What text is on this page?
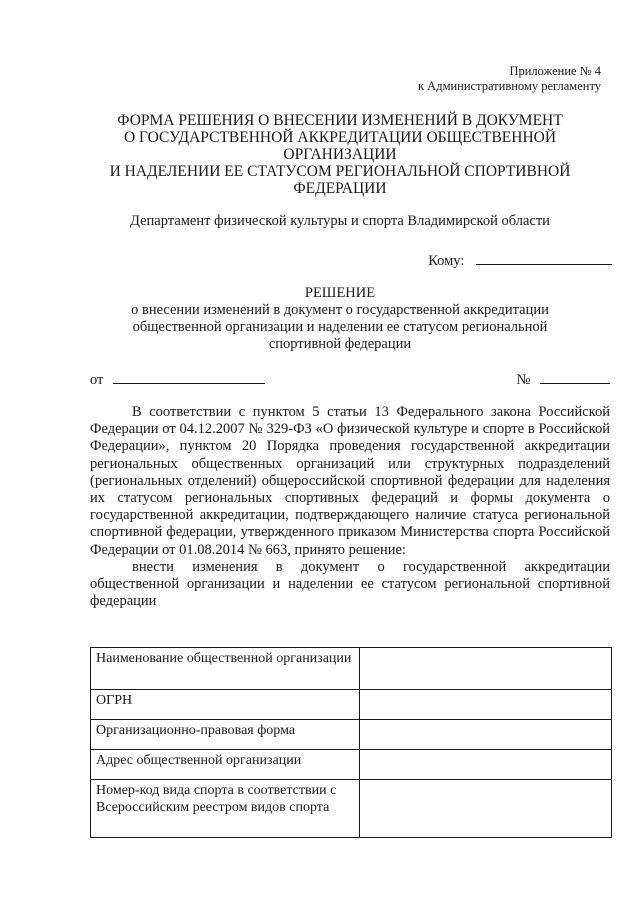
Приложение № 4
к Административному регламенту
ФОРМА РЕШЕНИЯ О ВНЕСЕНИИ ИЗМЕНЕНИЙ В ДОКУМЕНТ
О ГОСУДАРСТВЕННОЙ АККРЕДИТАЦИИ ОБЩЕСТВЕННОЙ
ОРГАНИЗАЦИИ
И НАДЕЛЕНИИ ЕЕ СТАТУСОМ РЕГИОНАЛЬНОЙ СПОРТИВНОЙ
ФЕДЕРАЦИИ
Департамент физической культуры и спорта Владимирской области
Кому:
РЕШЕНИЕ
о внесении изменений в документ о государственной аккредитации
общественной организации и наделении ее статусом региональной
спортивной федерации
от	№

В соответствии с пунктом 5 статьи 13 Федерального закона Российской Федерации от 04.12.2007 № 329-ФЗ «О физической культуре и спорте в Российской Федерации», пунктом 20 Порядка проведения государственной аккредитации региональных общественных организаций или структурных подразделений (региональных отделений) общероссийской спортивной федерации для наделения их статусом региональных спортивных федераций и формы документа о государственной аккредитации, подтверждающего наличие статуса региональной спортивной федерации, утвержденного приказом Министерства спорта Российской Федерации от 01.08.2014 № 663, принято решение:

внести изменения в документ о государственной аккредитации общественной организации и наделении ее статусом региональной спортивной федерации

Наименование общественной организации	
ОГРН	
Организационно-правовая форма	
Адрес общественной организации	
Номер-код вида спорта в соответствии с Всероссийским реестром видов спорта	
